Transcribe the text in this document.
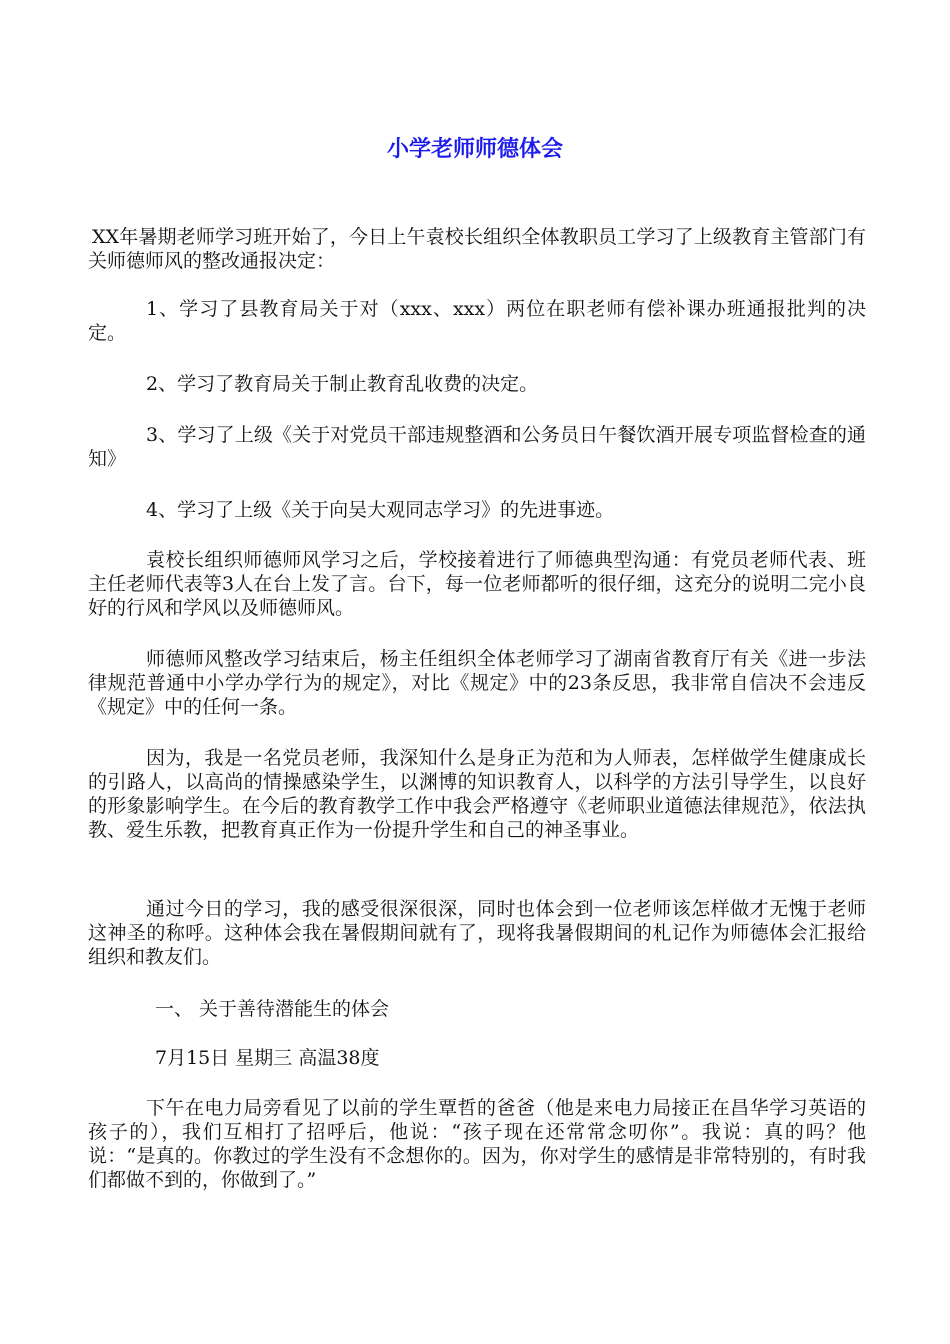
小学老师师德体会

XX年暑期老师学习班开始了，今日上午袁校长组织全体教职员工学习了上级教育主管部门有关师德师风的整改通报决定：

1、学习了县教育局关于对（xxx、xxx）两位在职老师有偿补课办班通报批判的决定。

2、学习了教育局关于制止教育乱收费的决定。

3、学习了上级《关于对党员干部违规整酒和公务员日午餐饮酒开展专项监督检查的通知》

4、学习了上级《关于向吴大观同志学习》的先进事迹。

袁校长组织师德师风学习之后，学校接着进行了师德典型沟通：有党员老师代表、班主任老师代表等3人在台上发了言。台下，每一位老师都听的很仔细，这充分的说明二完小良好的行风和学风以及师德师风。

师德师风整改学习结束后，杨主任组织全体老师学习了湖南省教育厅有关《进一步法律规范普通中小学办学行为的规定》，对比《规定》中的23条反思，我非常自信决不会违反《规定》中的任何一条。

因为，我是一名党员老师，我深知什么是身正为范和为人师表，怎样做学生健康成长的引路人，以高尚的情操感染学生，以渊博的知识教育人，以科学的方法引导学生，以良好的形象影响学生。在今后的教育教学工作中我会严格遵守《老师职业道德法律规范》，依法执教、爱生乐教，把教育真正作为一份提升学生和自己的神圣事业。

通过今日的学习，我的感受很深很深，同时也体会到一位老师该怎样做才无愧于老师这神圣的称呼。这种体会我在暑假期间就有了，现将我暑假期间的札记作为师德体会汇报给组织和教友们。

一、 关于善待潜能生的体会
7月15日 星期三 高温38度

下午在电力局旁看见了以前的学生覃哲的爸爸（他是来电力局接正在昌华学习英语的孩子的），我们互相打了招呼后，他说：“孩子现在还常常念叨你”。我说：真的吗？他说：“是真的。你教过的学生没有不念想你的。因为，你对学生的感情是非常特别的，有时我们都做不到的，你做到了。”
